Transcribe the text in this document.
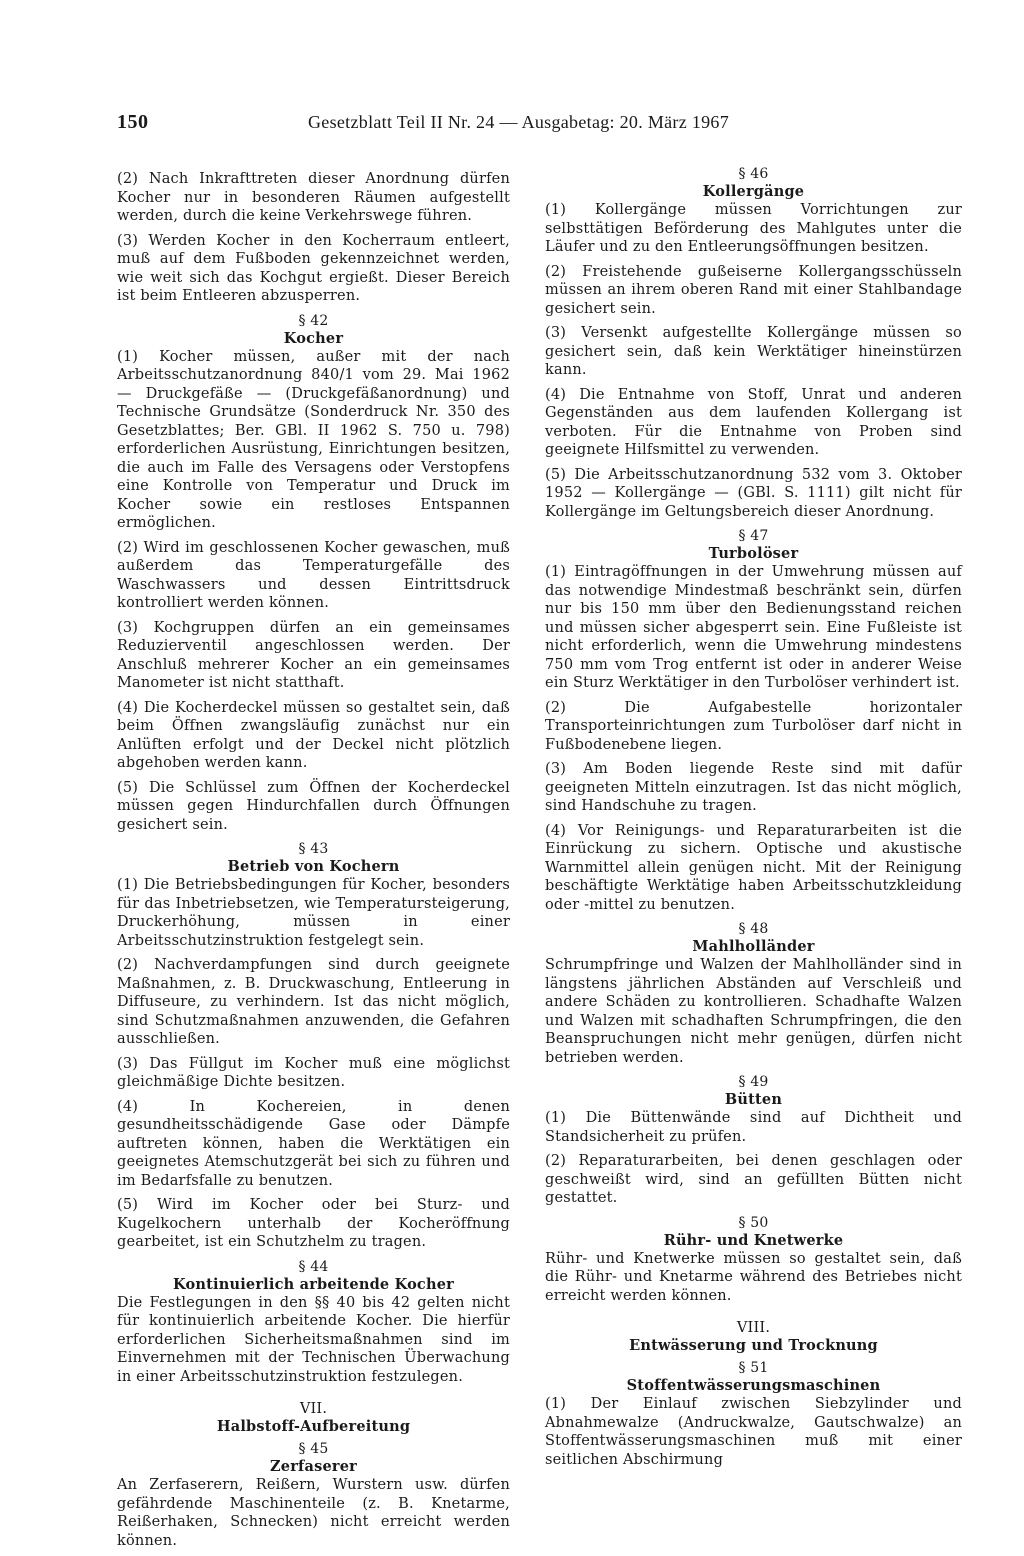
150	Gesetzblatt Teil II Nr. 24 — Ausgabetag: 20. März 1967

(2) Nach Inkrafttreten dieser Anordnung dürfen Kocher nur in besonderen Räumen aufgestellt werden, durch die keine Verkehrswege führen.

(3) Werden Kocher in den Kocherraum entleert, muß auf dem Fußboden gekennzeichnet werden, wie weit sich das Kochgut ergießt. Dieser Bereich ist beim Entleeren abzusperren.

§ 42
Kocher

(1) Kocher müssen, außer mit der nach Arbeitsschutzanordnung 840/1 vom 29. Mai 1962 — Druckgefäße — (Druckgefäßanordnung) und Technische Grundsätze (Sonderdruck Nr. 350 des Gesetzblattes; Ber. GBl. II 1962 S. 750 u. 798) erforderlichen Ausrüstung, Einrichtungen besitzen, die auch im Falle des Versagens oder Verstopfens eine Kontrolle von Temperatur und Druck im Kocher sowie ein restloses Entspannen ermöglichen.

(2) Wird im geschlossenen Kocher gewaschen, muß außerdem das Temperaturgefälle des Waschwassers und dessen Eintrittsdruck kontrolliert werden können.

(3) Kochgruppen dürfen an ein gemeinsames Reduzierventil angeschlossen werden. Der Anschluß mehrerer Kocher an ein gemeinsames Manometer ist nicht statthaft.

(4) Die Kocherdeckel müssen so gestaltet sein, daß beim Öffnen zwangsläufig zunächst nur ein Anlüften erfolgt und der Deckel nicht plötzlich abgehoben werden kann.

(5) Die Schlüssel zum Öffnen der Kocherdeckel müssen gegen Hindurchfallen durch Öffnungen gesichert sein.

§ 43
Betrieb von Kochern

(1) Die Betriebsbedingungen für Kocher, besonders für das Inbetriebsetzen, wie Temperatursteigerung, Druckerhöhung, müssen in einer Arbeitsschutzinstruktion festgelegt sein.

(2) Nachverdampfungen sind durch geeignete Maßnahmen, z. B. Druckwaschung, Entleerung in Diffuseure, zu verhindern. Ist das nicht möglich, sind Schutzmaßnahmen anzuwenden, die Gefahren ausschließen.

(3) Das Füllgut im Kocher muß eine möglichst gleichmäßige Dichte besitzen.

(4) In Kochereien, in denen gesundheitsschädigende Gase oder Dämpfe auftreten können, haben die Werktätigen ein geeignetes Atemschutzgerät bei sich zu führen und im Bedarfsfalle zu benutzen.

(5) Wird im Kocher oder bei Sturz- und Kugelkochern unterhalb der Kocheröffnung gearbeitet, ist ein Schutzhelm zu tragen.

§ 44
Kontinuierlich arbeitende Kocher

Die Festlegungen in den §§ 40 bis 42 gelten nicht für kontinuierlich arbeitende Kocher. Die hierfür erforderlichen Sicherheitsmaßnahmen sind im Einvernehmen mit der Technischen Überwachung in einer Arbeitsschutzinstruktion festzulegen.

VII.
Halbstoff-Aufbereitung
§ 45
Zerfaserer

An Zerfaserern, Reißern, Wurstern usw. dürfen gefährdende Maschinenteile (z. B. Knetarme, Reißerhaken, Schnecken) nicht erreicht werden können.

§ 46
Kollergänge

(1) Kollergänge müssen Vorrichtungen zur selbsttätigen Beförderung des Mahlgutes unter die Läufer und zu den Entleerungsöffnungen besitzen.

(2) Freistehende gußeiserne Kollergangsschüsseln müssen an ihrem oberen Rand mit einer Stahlbandage gesichert sein.

(3) Versenkt aufgestellte Kollergänge müssen so gesichert sein, daß kein Werktätiger hineinstürzen kann.

(4) Die Entnahme von Stoff, Unrat und anderen Gegenständen aus dem laufenden Kollergang ist verboten. Für die Entnahme von Proben sind geeignete Hilfsmittel zu verwenden.

(5) Die Arbeitsschutzanordnung 532 vom 3. Oktober 1952 — Kollergänge — (GBl. S. 1111) gilt nicht für Kollergänge im Geltungsbereich dieser Anordnung.

§ 47
Turbolöser

(1) Eintragöffnungen in der Umwehrung müssen auf das notwendige Mindestmaß beschränkt sein, dürfen nur bis 150 mm über den Bedienungsstand reichen und müssen sicher abgesperrt sein. Eine Fußleiste ist nicht erforderlich, wenn die Umwehrung mindestens 750 mm vom Trog entfernt ist oder in anderer Weise ein Sturz Werktätiger in den Turbolöser verhindert ist.

(2) Die Aufgabestelle horizontaler Transporteinrichtungen zum Turbolöser darf nicht in Fußbodenebene liegen.

(3) Am Boden liegende Reste sind mit dafür geeigneten Mitteln einzutragen. Ist das nicht möglich, sind Handschuhe zu tragen.

(4) Vor Reinigungs- und Reparaturarbeiten ist die Einrückung zu sichern. Optische und akustische Warnmittel allein genügen nicht. Mit der Reinigung beschäftigte Werktätige haben Arbeitsschutzkleidung oder -mittel zu benutzen.

§ 48
Mahlholländer

Schrumpfringe und Walzen der Mahlholländer sind in längstens jährlichen Abständen auf Verschleiß und andere Schäden zu kontrollieren. Schadhafte Walzen und Walzen mit schadhaften Schrumpfringen, die den Beanspruchungen nicht mehr genügen, dürfen nicht betrieben werden.

§ 49
Bütten

(1) Die Büttenwände sind auf Dichtheit und Standsicherheit zu prüfen.

(2) Reparaturarbeiten, bei denen geschlagen oder geschweißt wird, sind an gefüllten Bütten nicht gestattet.

§ 50
Rühr- und Knetwerke

Rühr- und Knetwerke müssen so gestaltet sein, daß die Rühr- und Knetarme während des Betriebes nicht erreicht werden können.

VIII.
Entwässerung und Trocknung
§ 51
Stoffentwässerungsmaschinen

(1) Der Einlauf zwischen Siebzylinder und Abnahmewalze (Andruckwalze, Gautschwalze) an Stoffentwässerungsmaschinen muß mit einer seitlichen Abschirmung
